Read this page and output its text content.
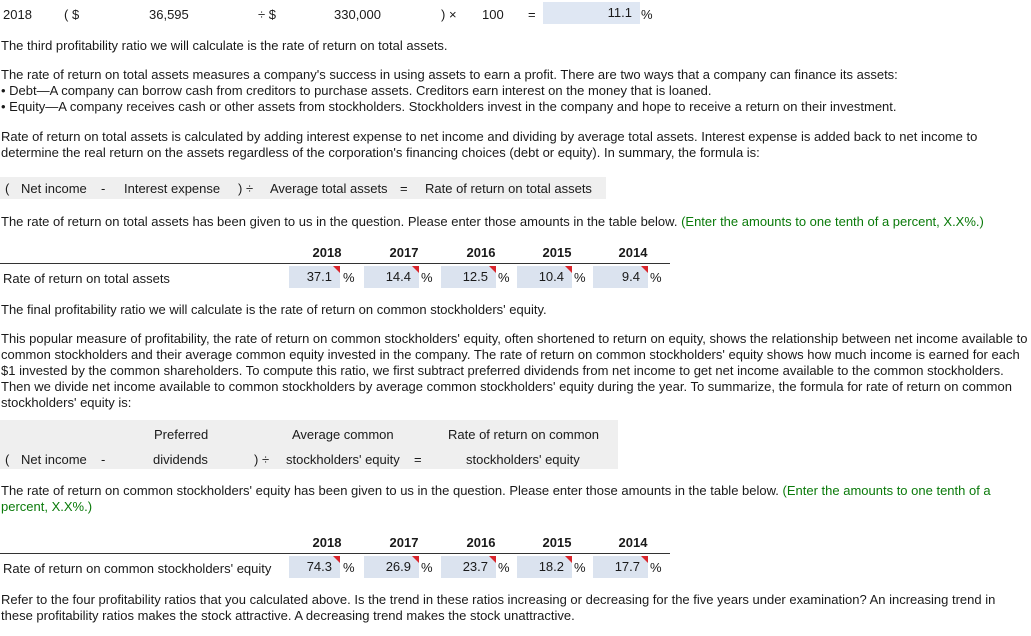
2018 ( $	36,595	÷ $	330,000	) × 100 =	11.1 %

The third profitability ratio we will calculate is the rate of return on total assets.

The rate of return on total assets measures a company's success in using assets to earn a profit. There are two ways that a company can finance its assets:

• Debt—A company can borrow cash from creditors to purchase assets. Creditors earn interest on the money that is loaned.
• Equity—A company receives cash or other assets from stockholders. Stockholders invest in the company and hope to receive a return on their investment.

Rate of return on total assets is calculated by adding interest expense to net income and dividing by average total assets. Interest expense is added back to net income to determine the real return on the assets regardless of the corporation's financing choices (debt or equity). In summary, the formula is:

( Net income - Interest expense ) ÷ Average total assets = Rate of return on total assets

The rate of return on total assets has been given to us in the question. Please enter those amounts in the table below. (Enter the amounts to one tenth of a percent, X.X%.)

2018	2017	2016	2015	2014
Rate of return on total assets	37.1 %	14.4 %	12.5 %	10.4 %	9.4 %

The final profitability ratio we will calculate is the rate of return on common stockholders' equity.

This popular measure of profitability, the rate of return on common stockholders' equity, often shortened to return on equity, shows the relationship between net income available to common stockholders and their average common equity invested in the company. The rate of return on common stockholders' equity shows how much income is earned for each $1 invested by the common shareholders. To compute this ratio, we first subtract preferred dividends from net income to get net income available to the common stockholders. Then we divide net income available to common stockholders by average common stockholders' equity during the year. To summarize, the formula for rate of return on common stockholders' equity is:

( Net income -
Preferred
dividends	) ÷
Average common
stockholders' equity =
Rate of return on common
stockholders' equity

The rate of return on common stockholders' equity has been given to us in the question. Please enter those amounts in the table below. (Enter the amounts to one tenth of a percent, X.X%.)

2018	2017	2016	2015	2014
Rate of return on common stockholders' equity	74.3 %	26.9 %	23.7 %	18.2 %	17.7 %

Refer to the four profitability ratios that you calculated above. Is the trend in these ratios increasing or decreasing for the five years under examination? An increasing trend in these profitability ratios makes the stock attractive. A decreasing trend makes the stock unattractive.
